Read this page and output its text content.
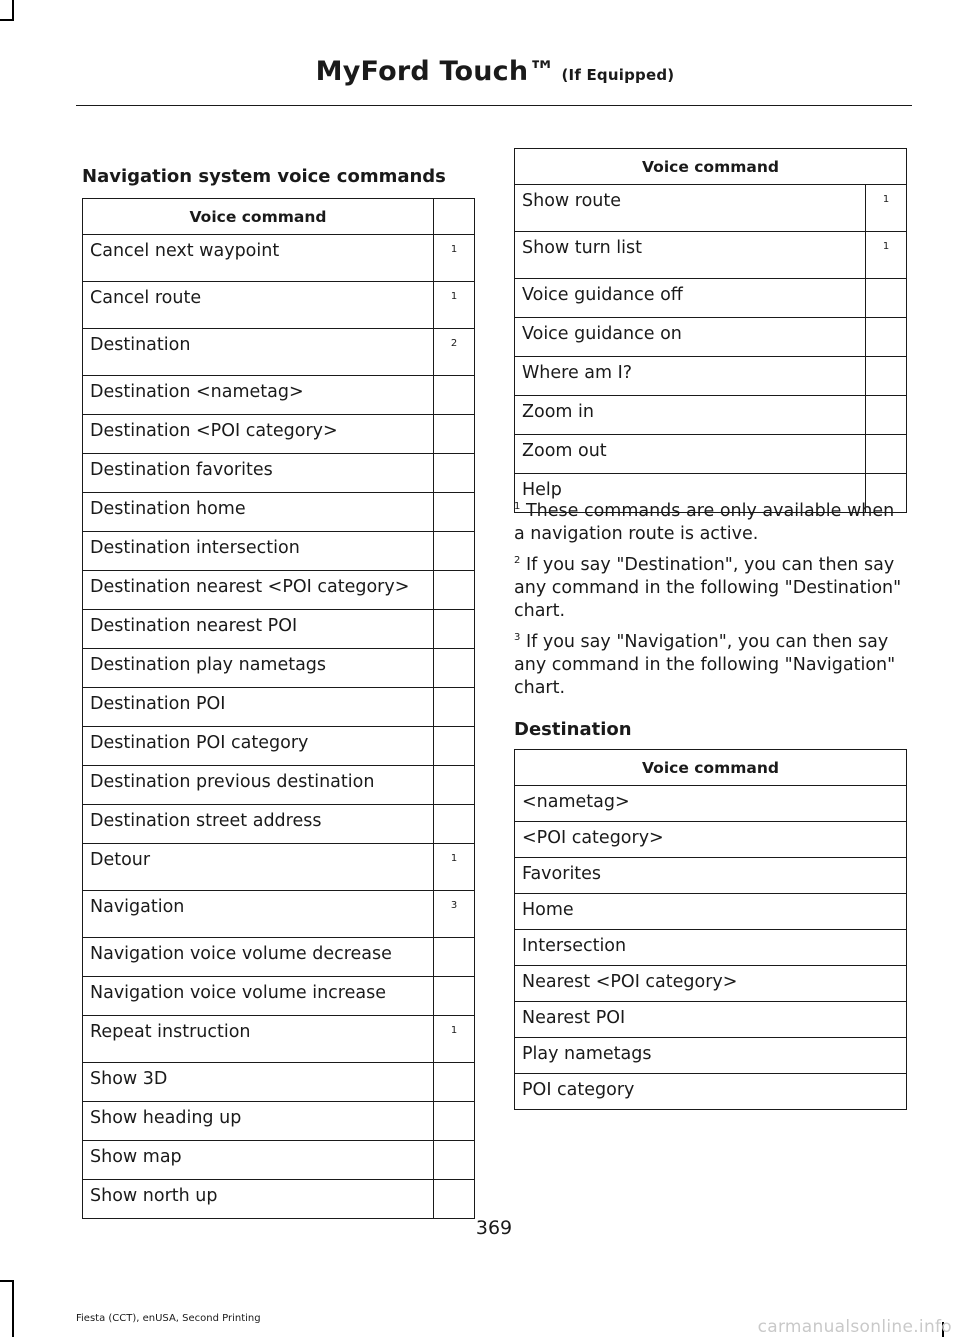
MyFord Touch™ (If Equipped)
Navigation system voice commands
Voice command	
Cancel next waypoint	1
Cancel route	1
Destination	2
Destination <nametag>	
Destination <POI category>	
Destination favorites	
Destination home	
Destination intersection	
Destination nearest <POI category>	
Destination nearest POI	
Destination play nametags	
Destination POI	
Destination POI category	
Destination previous destination	
Destination street address	
Detour	1
Navigation	3
Navigation voice volume decrease	
Navigation voice volume increase	
Repeat instruction	1
Show 3D	
Show heading up	
Show map	
Show north up	
Voice command	
Show route	1
Show turn list	1
Voice guidance off	
Voice guidance on	
Where am I?	
Zoom in	
Zoom out	
Help	

$^1$ These commands are only available when a navigation route is active.

$^2$ If you say "Destination", you can then say any command in the following "Destination" chart.

$^3$ If you say "Navigation", you can then say any command in the following "Navigation" chart.

Destination
Voice command
<nametag>
<POI category>
Favorites
Home
Intersection
Nearest <POI category>
Nearest POI
Play nametags
POI category
369
Fiesta (CCT), enUSA, Second Printing	carmanualsonline.info
